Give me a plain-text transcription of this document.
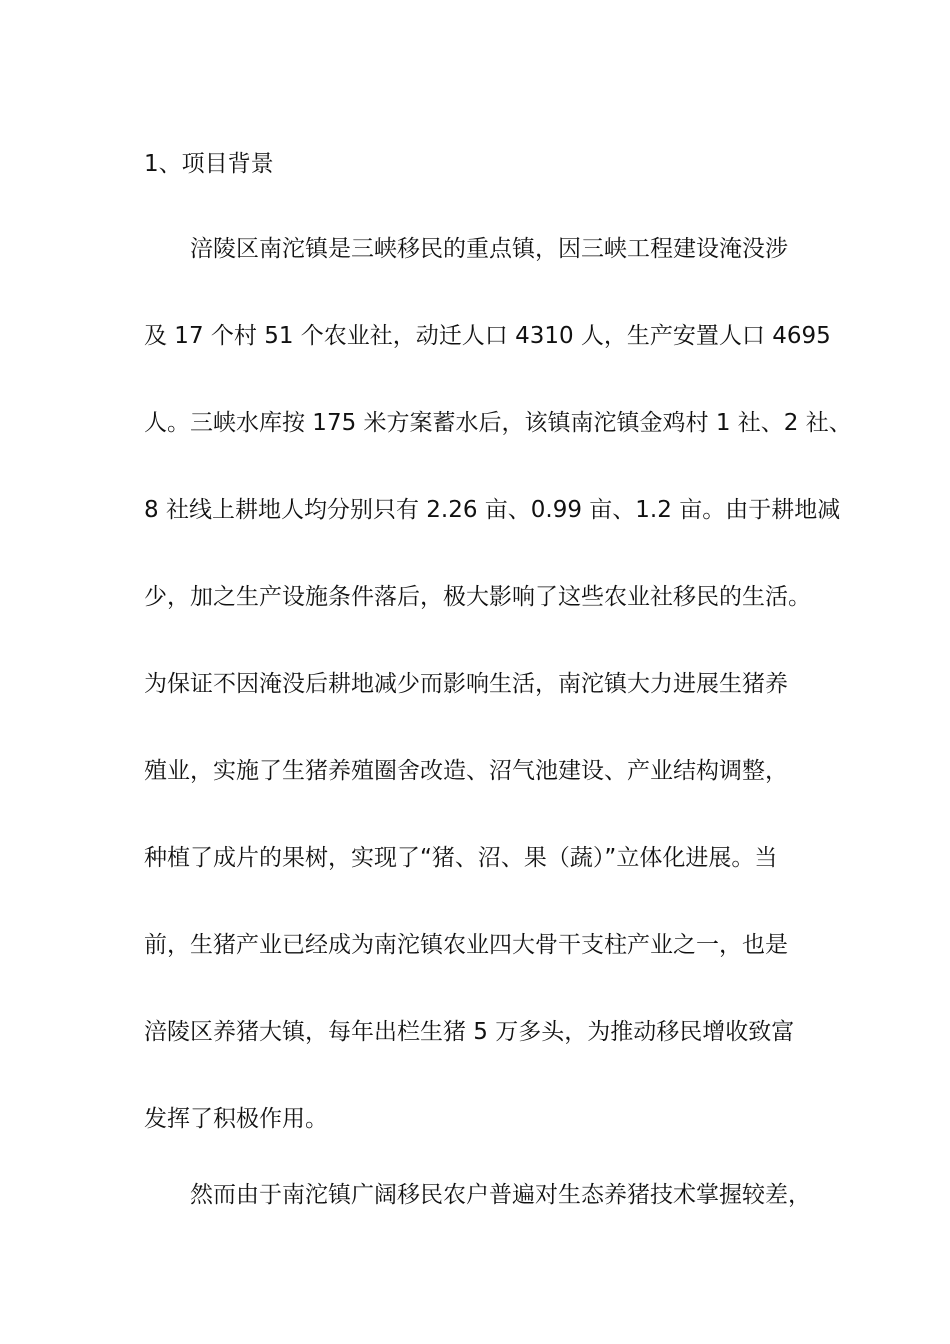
1、项目背景
涪陵区南沱镇是三峡移民的重点镇，因三峡工程建设淹没涉
及 17 个村 51 个农业社，动迁人口 4310 人，生产安置人口 4695
人。三峡水库按 175 米方案蓄水后，该镇南沱镇金鸡村 1 社、2 社、
8 社线上耕地人均分别只有 2.26 亩、0.99 亩、1.2 亩。由于耕地减
少，加之生产设施条件落后，极大影响了这些农业社移民的生活。
为保证不因淹没后耕地减少而影响生活，南沱镇大力进展生猪养
殖业，实施了生猪养殖圈舍改造、沼气池建设、产业结构调整，
种植了成片的果树，实现了“猪、沼、果（蔬）”立体化进展。当
前，生猪产业已经成为南沱镇农业四大骨干支柱产业之一，也是
涪陵区养猪大镇，每年出栏生猪 5 万多头，为推动移民增收致富
发挥了积极作用。
然而由于南沱镇广阔移民农户普遍对生态养猪技术掌握较差，
